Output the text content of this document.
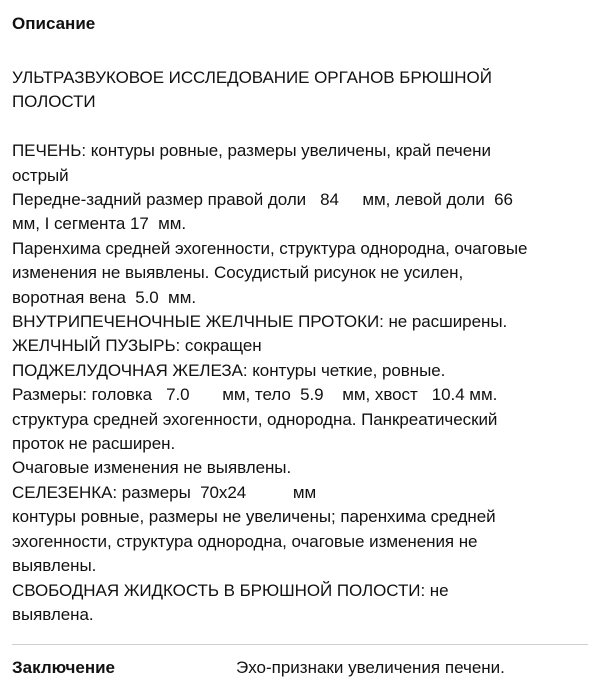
Описание
УЛЬТРАЗВУКОВОЕ ИССЛЕДОВАНИЕ ОРГАНОВ БРЮШНОЙ
ПОЛОСТИ
ПЕЧЕНЬ: контуры ровные, размеры увеличены, край печени
острый
Передне-задний размер правой доли   84     мм, левой доли  66
мм, I сегмента 17  мм.
Паренхима средней эхогенности, структура однородна, очаговые
изменения не выявлены. Сосудистый рисунок не усилен,
воротная вена  5.0  мм.
ВНУТРИПЕЧЕНОЧНЫЕ ЖЕЛЧНЫЕ ПРОТОКИ: не расширены.
ЖЕЛЧНЫЙ ПУЗЫРЬ: сокращен
ПОДЖЕЛУДОЧНАЯ ЖЕЛЕЗА: контуры четкие, ровные.
Размеры: головка   7.0       мм, тело  5.9    мм, хвост   10.4 мм.
структура средней эхогенности, однородна. Панкреатический
проток не расширен.
Очаговые изменения не выявлены.
СЕЛЕЗЕНКА: размеры  70x24          мм
контуры ровные, размеры не увеличены; паренхима средней
эхогенности, структура однородна, очаговые изменения не
выявлены.
СВОБОДНАЯ ЖИДКОСТЬ В БРЮШНОЙ ПОЛОСТИ: не
выявлена.
Заключение	Эхо-признаки увеличения печени.
